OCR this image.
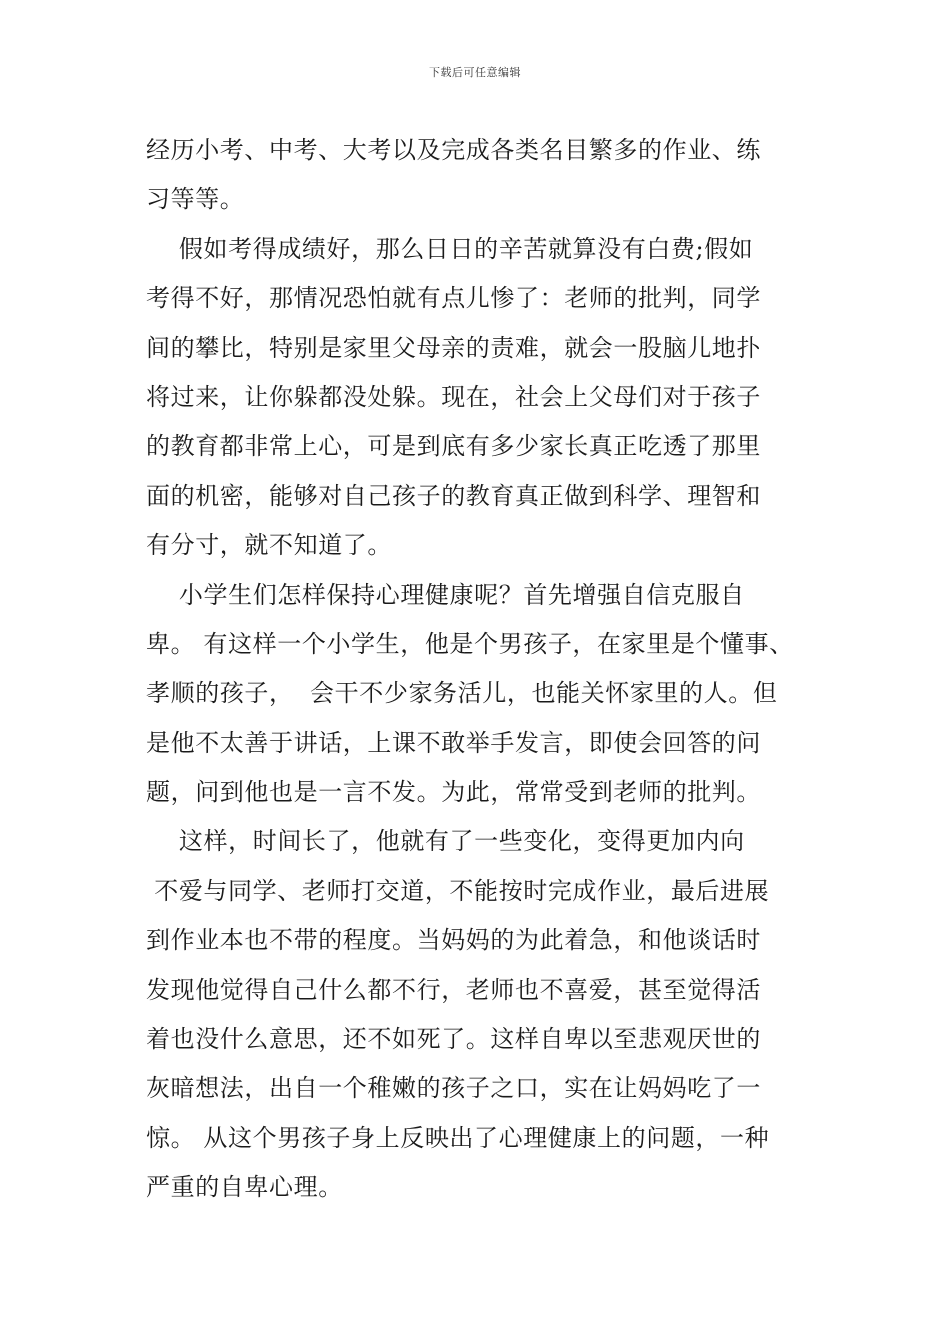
下载后可任意编辑
经历小考、中考、大考以及完成各类名目繁多的作业、练
习等等。
假如考得成绩好，那么日日的辛苦就算没有白费;假如
考得不好，那情况恐怕就有点儿惨了：老师的批判，同学
间的攀比，特别是家里父母亲的责难，就会一股脑儿地扑
将过来，让你躲都没处躲。现在，社会上父母们对于孩子
的教育都非常上心，可是到底有多少家长真正吃透了那里
面的机密，能够对自己孩子的教育真正做到科学、理智和
有分寸，就不知道了。
小学生们怎样保持心理健康呢？首先增强自信克服自
卑。 有这样一个小学生，他是个男孩子，在家里是个懂事、
孝顺的孩子，  会干不少家务活儿，也能关怀家里的人。但
是他不太善于讲话，上课不敢举手发言，即使会回答的问
题，问到他也是一言不发。为此，常常受到老师的批判。
这样，时间长了，他就有了一些变化，变得更加内向
不爱与同学、老师打交道，不能按时完成作业，最后进展
到作业本也不带的程度。当妈妈的为此着急，和他谈话时
发现他觉得自己什么都不行，老师也不喜爱，甚至觉得活
着也没什么意思，还不如死了。这样自卑以至悲观厌世的
灰暗想法，出自一个稚嫩的孩子之口，实在让妈妈吃了一
惊。 从这个男孩子身上反映出了心理健康上的问题，一种
严重的自卑心理。
